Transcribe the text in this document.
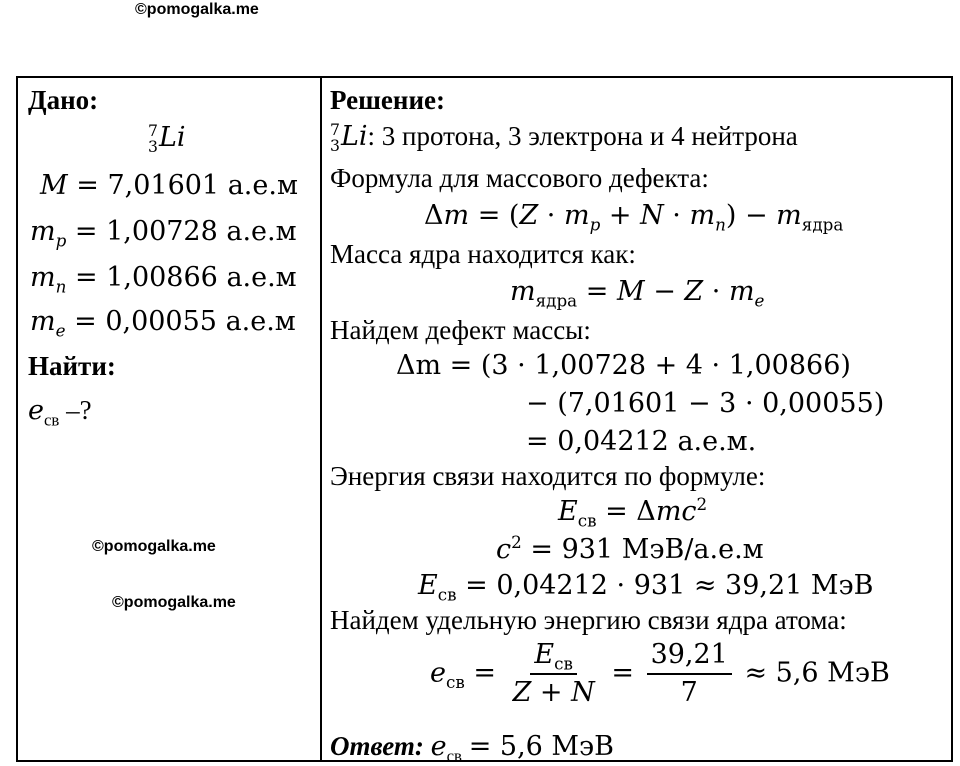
©pomogalka.me
Дано:
7
3 Li
M = 7,01601 а.е.м
$m_p = 1,00728$ а.е.м
$m_n = 1,00866$ а.е.м
$m_e = 0,00055$ а.е.м
Найти:
$e_{св}$ –?
Решение:
7
3 Li: 3 протона, 3 электрона и 4 нейтрона
Формула для массового дефекта:
$\Delta m = (Z \cdot m_p + N \cdot m_n) - m_{ядра}$
Масса ядра находится как:
$m_{ядра} = M - Z \cdot m_e$
Найдем дефект массы:
Δm = (3 · 1,00728 + 4 · 1,00866)
− (7,01601 − 3 · 0,00055)
= 0,04212 а.е.м.
Энергия связи находится по формуле:
$E_{св} = \Delta mc^2$
$c^2 = 931$ МэВ/а.е.м
$E_{св} = 0,04212 \cdot 931 \approx 39,21$ МэВ
Найдем удельную энергию связи ядра атома:
$e_{св} = \frac{E_{св}}{Z + N} = \frac{39,21}{7} \approx 5,6$ МэВ
Ответ: $e_{св} = 5,6$ МэВ
©pomogalka.me
©pomogalka.me
